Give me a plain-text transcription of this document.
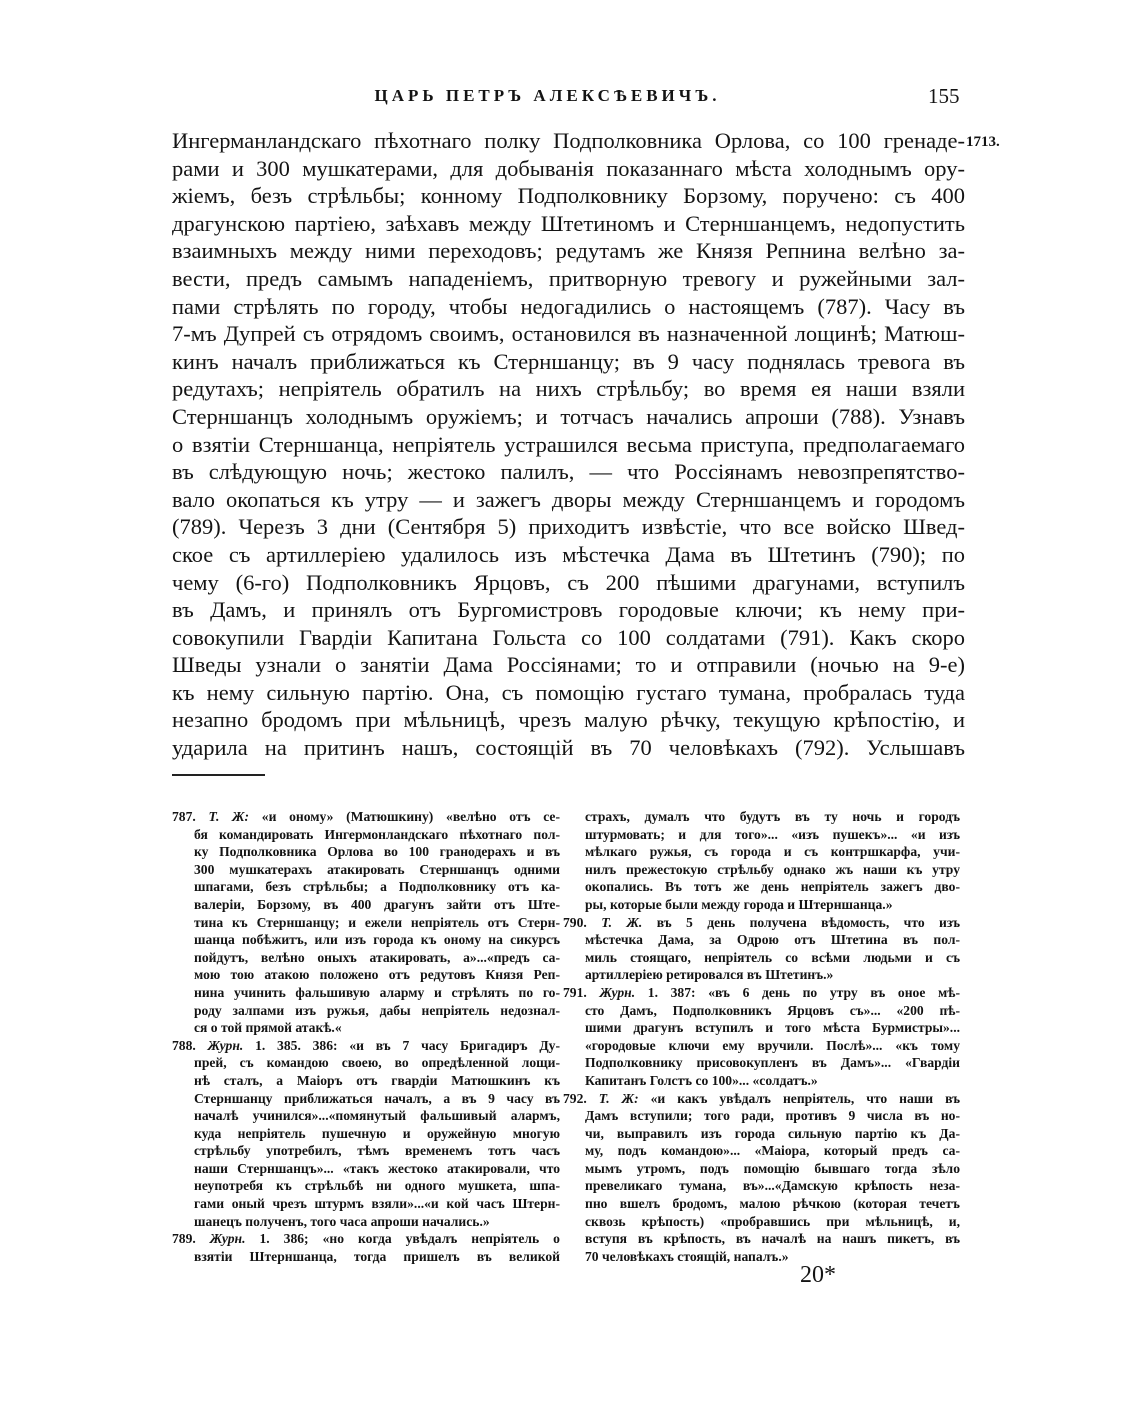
ЦАРЬ ПЕТРЪ АЛЕКСѢЕВИЧЪ.	155
1713.
Ингерманландскаго пѣхотнаго полку Подполковника Орлова, со 100 гренаде-
рами и 300 мушкатерами, для добыванія показаннаго мѣста холоднымъ ору-
жіемъ, безъ стрѣльбы; конному Подполковнику Борзому, поручено: съ 400
драгунскою партіею, заѣхавъ между Штетиномъ и Стерншанцемъ, недопустить
взаимныхъ между ними переходовъ; редутамъ же Князя Репнина велѣно за-
вести, предъ самымъ нападеніемъ, притворную тревогу и ружейными зал-
пами стрѣлять по городу, чтобы недогадились о настоящемъ (787). Часу въ
7-мъ Дупрей съ отрядомъ своимъ, остановился въ назначенной лощинѣ; Матюш-
кинъ началъ приближаться къ Стерншанцу; въ 9 часу поднялась тревога въ
редутахъ; непріятель обратилъ на нихъ стрѣльбу; во время ея наши взяли
Стерншанцъ холоднымъ оружіемъ; и тотчасъ начались апроши (788). Узнавъ
о взятіи Стерншанца, непріятель устрашился весьма приступа, предполагаемаго
въ слѣдующую ночь; жестоко палилъ, — что Россіянамъ невозпрепятство-
вало окопаться къ утру — и зажегъ дворы между Стерншанцемъ и городомъ
(789). Черезъ 3 дни (Сентября 5) приходитъ извѣстіе, что все войско Швед-
ское съ артиллеріею удалилось изъ мѣстечка Дама въ Штетинъ (790); по
чему (6-го) Подполковникъ Ярцовъ, съ 200 пѣшими драгунами, вступилъ
въ Дамъ, и принялъ отъ Бургомистровъ городовые ключи; къ нему при-
совокупили Гвардіи Капитана Гольста со 100 солдатами (791). Какъ скоро
Шведы узнали о занятіи Дама Россіянами; то и отправили (ночью на 9-е)
къ нему сильную партію. Она, съ помощію густаго тумана, пробралась туда
незапно бродомъ при мѣльницѣ, чрезъ малую рѣчку, текущую крѣпостію, и
ударила на притинъ нашъ, состоящій въ 70 человѣкахъ (792). Услышавъ
787. Т. Ж: «и оному» (Матюшкину) «велѣно отъ се-
бя командировать Ингермонландскаго пѣхотнаго пол-
ку Подполковника Орлова во 100 гранодерахъ и въ
300 мушкатерахъ атакировать Стерншанцъ одними
шпагами, безъ стрѣльбы; а Подполковнику отъ ка-
валеріи, Борзому, въ 400 драгунъ зайти отъ Ште-
тина къ Стерншанцу; и ежели непріятель отъ Стерн-
шанца побѣжитъ, или изъ города къ оному на сикурсъ
пойдутъ, велѣно оныхъ атакировать, а»...«предъ са-
мою тою атакою положено отъ редутовъ Князя Реп-
нина учинить фальшивую аларму и стрѣлять по го-
роду залпами изъ ружья, дабы непріятель недознал-
ся о той прямой атакѣ.«
788. Журн. 1. 385. 386: «и въ 7 часу Бригадиръ Ду-
прей, съ командою своею, во опредѣленной лощи-
нѣ сталъ, а Маіоръ отъ гвардіи Матюшкинъ къ
Стерншанцу приближаться началъ, а въ 9 часу въ
началѣ учинился»...«помянутый фальшивый алармъ,
куда непріятель пушечную и оружейную многую
стрѣльбу употребилъ, тѣмъ временемъ тотъ часъ
наши Стерншанцъ»... «такъ жестоко атакировали, что
неупотребя къ стрѣльбѣ ни одного мушкета, шпа-
гами оный чрезъ штурмъ взяли»...«и кой часъ Штерн-
шанецъ полученъ, того часа апроши начались.»
789. Журн. 1. 386; «но когда увѣдалъ непріятель о
взятіи Штерншанца, тогда пришелъ въ великой
страхъ, думалъ что будутъ въ ту ночь и городъ
штурмовать; и для того»... «изъ пушекъ»... «и изъ
мѣлкаго ружья, съ города и съ контршкарфа, учи-
нилъ прежестокую стрѣльбу однако жъ наши къ утру
окопались. Въ тотъ же день непріятель зажегъ дво-
ры, которые были между города и Штерншанца.»
790. Т. Ж. въ 5 день получена вѣдомость, что изъ
мѣстечка Дама, за Одрою отъ Штетина въ пол-
миль стоящаго, непріятель со всѣми людьми и съ
артиллеріею ретировался въ Штетинъ.»
791. Журн. 1. 387: «въ 6 день по утру въ оное мѣ-
сто Дамъ, Подполковникъ Ярцовъ съ»... «200 пѣ-
шими драгунъ вступилъ и того мѣста Бурмистры»...
«городовые ключи ему вручили. Послѣ»... «къ тому
Подполковнику присовокупленъ въ Дамъ»... «Гвардіи
Капитанъ Голстъ со 100»... «солдатъ.»
792. Т. Ж: «и какъ увѣдалъ непріятель, что наши въ
Дамъ вступили; того ради, противъ 9 числа въ но-
чи, выправилъ изъ города сильную партію къ Да-
му, подъ командою»... «Маіора, который предъ са-
мымъ утромъ, подъ помощію бывшаго тогда зѣло
превеликаго тумана, въ»...«Дамскую крѣпость неза-
пно вшелъ бродомъ, малою рѣчкою (которая течетъ
сквозь крѣпость) «пробравшись при мѣльницѣ, и,
вступя въ крѣпость, въ началѣ на нашъ пикетъ, въ
70 человѣкахъ стоящій, напалъ.»
20*
